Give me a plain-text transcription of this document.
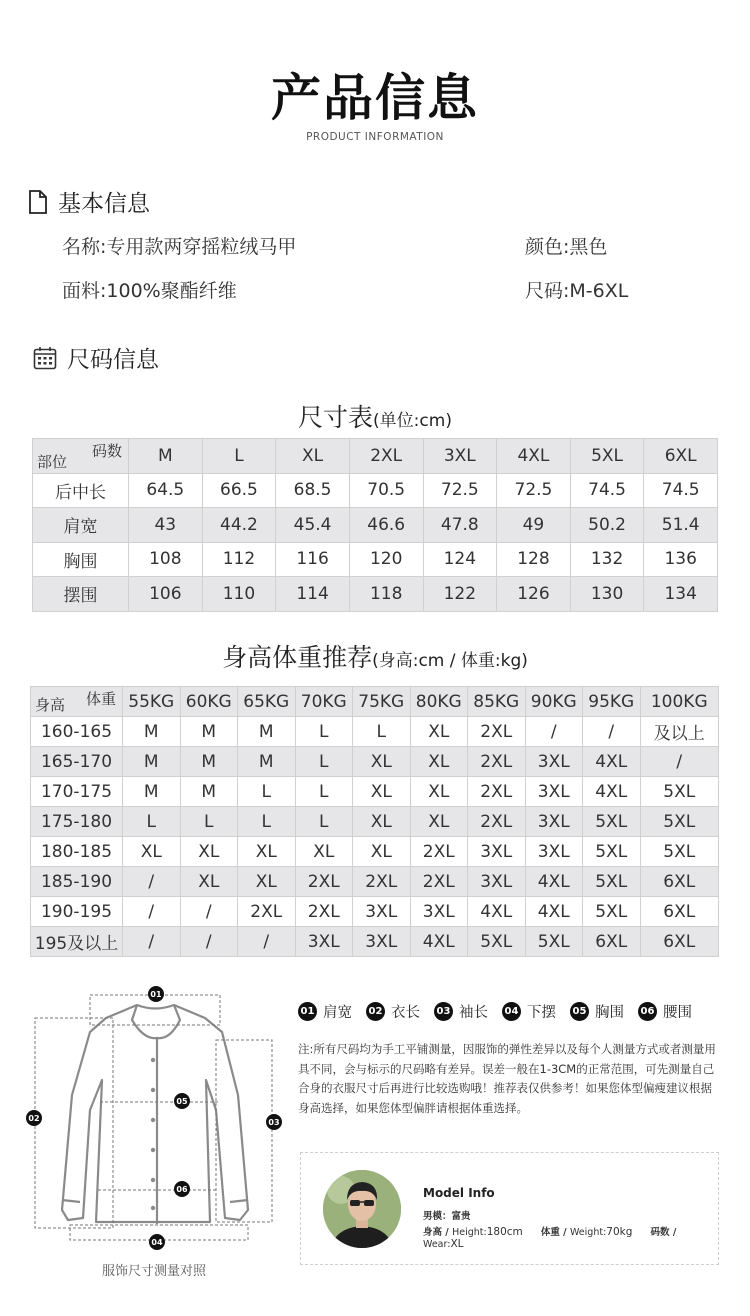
产品信息
PRODUCT INFORMATION
基本信息
名称:专用款两穿摇粒绒马甲	颜色:黑色
面料:100%聚酯纤维	尺码:M-6XL
尺码信息
尺寸表(单位:cm)
码数
部位	M	L	XL	2XL	3XL	4XL	5XL	6XL
后中长	64.5	66.5	68.5	70.5	72.5	72.5	74.5	74.5
肩宽	43	44.2	45.4	46.6	47.8	49	50.2	51.4
胸围	108	112	116	120	124	128	132	136
摆围	106	110	114	118	122	126	130	134
身高体重推荐(身高:cm / 体重:kg)
体重
身高	55KG	60KG	65KG	70KG	75KG	80KG	85KG	90KG	95KG	100KG
160-165	M	M	M	L	L	XL	2XL	/	/	及以上
165-170	M	M	M	L	XL	XL	2XL	3XL	4XL	/
170-175	M	M	L	L	XL	XL	2XL	3XL	4XL	5XL
175-180	L	L	L	L	XL	XL	2XL	3XL	5XL	5XL
180-185	XL	XL	XL	XL	XL	2XL	3XL	3XL	5XL	5XL
185-190	/	XL	XL	2XL	2XL	2XL	3XL	4XL	5XL	6XL
190-195	/	/	2XL	2XL	3XL	3XL	4XL	4XL	5XL	6XL
195及以上	/	/	/	3XL	3XL	4XL	5XL	5XL	6XL	6XL
01
02	03
04
05
06
服饰尺寸测量对照
01 肩宽 02 衣长 03 袖长 04 下摆 05 胸围 06 腰围
注:所有尺码均为手工平铺测量，因服饰的弹性差异以及每个人测量方式或者测量用具不同，会与标示的尺码略有差异。误差一般在1-3CM的正常范围，可先测量自己合身的衣服尺寸后再进行比较选购哦！推荐表仅供参考！如果您体型偏瘦建议根据身高选择，如果您体型偏胖请根据体重选择。
Model Info
男模：富贵
身高 / Height:180cm 体重 / Weight:70kg 码数 / Wear:XL
